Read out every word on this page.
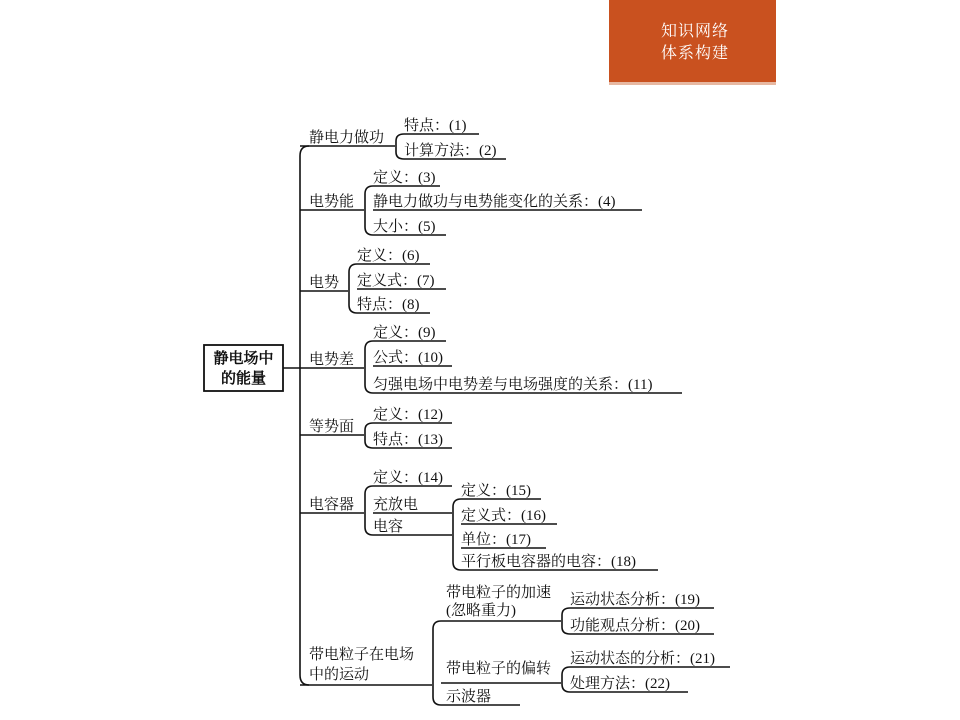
知识网络
体系构建
静电场中
的能量
静电力做功
特点：(1)
计算方法：(2)
电势能
定义：(3)
静电力做功与电势能变化的关系：(4)
大小：(5)
电势
定义：(6)
定义式：(7)
特点：(8)
电势差
定义：(9)
公式：(10)
匀强电场中电势差与电场强度的关系：(11)
等势面
定义：(12)
特点：(13)
电容器
定义：(14)
充放电
电容
定义：(15)
定义式：(16)
单位：(17)
平行板电容器的电容：(18)
带电粒子在电场
中的运动
带电粒子的加速
(忽略重力)
运动状态分析：(19)
功能观点分析：(20)
带电粒子的偏转
运动状态的分析：(21)
处理方法：(22)
示波器
